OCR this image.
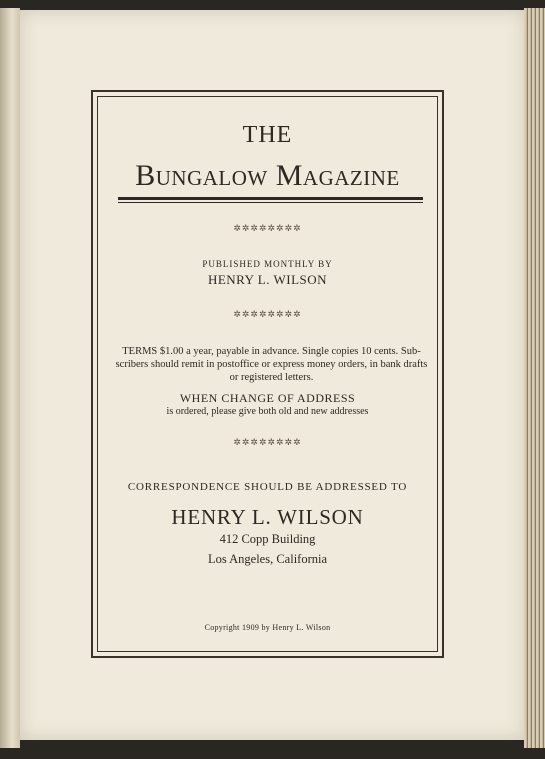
THE
Bungalow Magazine
✲✲✲✲✲✲✲✲
PUBLISHED MONTHLY BY
HENRY L. WILSON
✲✲✲✲✲✲✲✲
TERMS $1.00 a year, payable in advance. Single copies 10 cents. Sub-scribers should remit in postoffice or express money orders, in bank drafts or registered letters.
WHEN CHANGE OF ADDRESS
is ordered, please give both old and new addresses
✲✲✲✲✲✲✲✲
CORRESPONDENCE SHOULD BE ADDRESSED TO
HENRY L. WILSON
412 Copp Building
Los Angeles, California
Copyright 1909 by Henry L. Wilson
